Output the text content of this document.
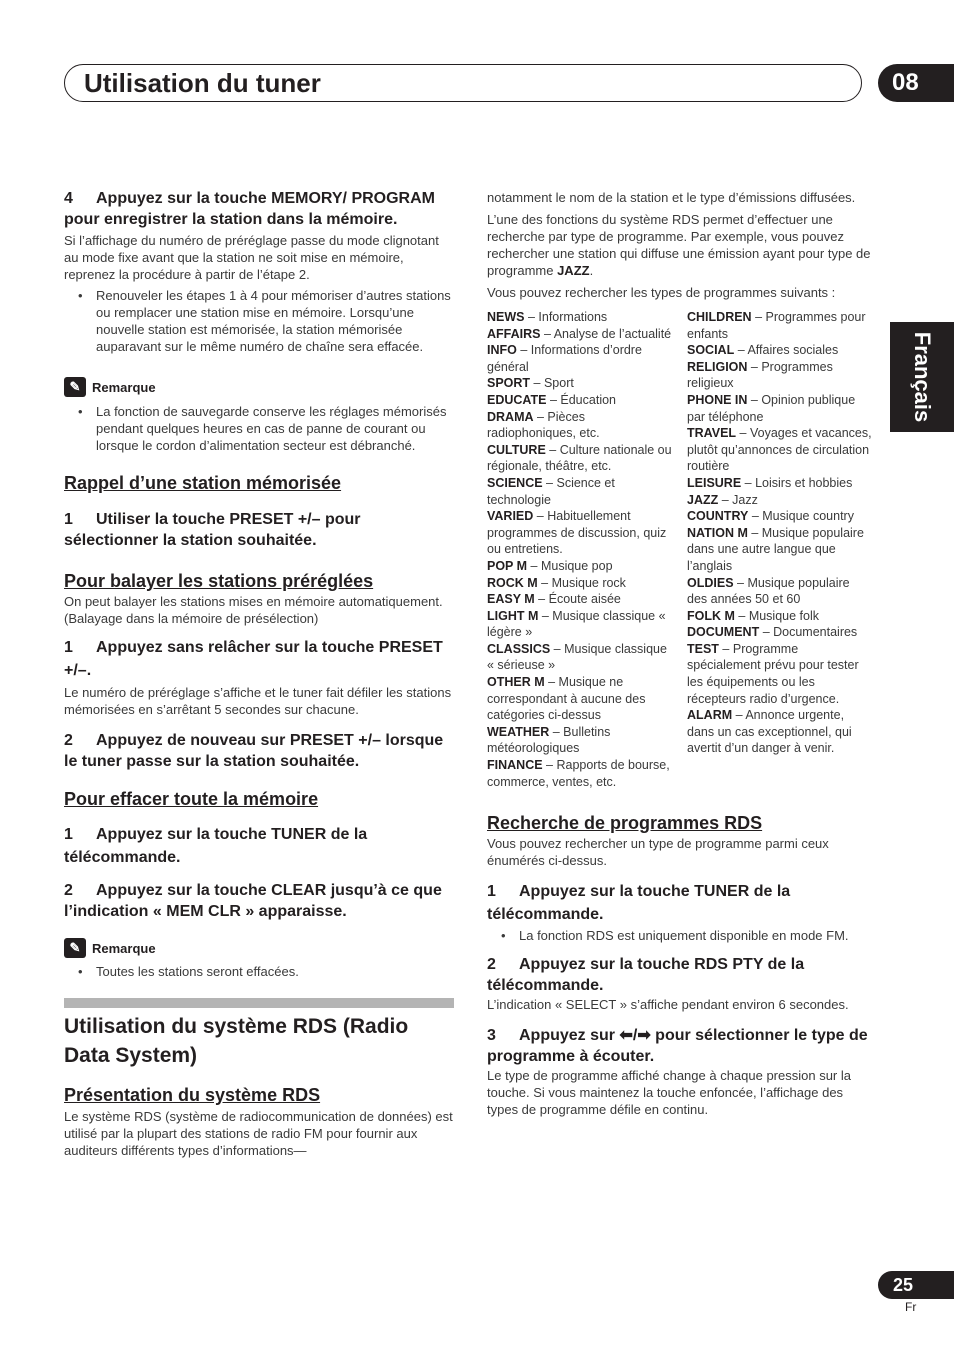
Utilisation du tuner	08
Français

4 Appuyez sur la touche MEMORY/ PROGRAM pour enregistrer la station dans la mémoire.

Si l’affichage du numéro de préréglage passe du mode clignotant au mode fixe avant que la station ne soit mise en mémoire, reprenez la procédure à partir de l’étape 2.

• Renouveler les étapes 1 à 4 pour mémoriser d’autres stations ou remplacer une station mise en mémoire. Lorsqu’une nouvelle station est mémorisée, la station mémorisée auparavant sur le même numéro de chaîne sera effacée.
✎ Remarque
• La fonction de sauvegarde conserve les réglages mémorisés pendant quelques heures en cas de panne de courant ou lorsque le cordon d’alimentation secteur est débranché.

Rappel d’une station mémorisée

1 Utiliser la touche PRESET +/– pour sélectionner la station souhaitée.

Pour balayer les stations préréglées

On peut balayer les stations mises en mémoire automatiquement. (Balayage dans la mémoire de présélection)

1 Appuyez sans relâcher sur la touche PRESET +/–.

Le numéro de préréglage s’affiche et le tuner fait défiler les stations mémorisées en s’arrêtant 5 secondes sur chacune.

2 Appuyez de nouveau sur PRESET +/– lorsque le tuner passe sur la station souhaitée.

Pour effacer toute la mémoire

1 Appuyez sur la touche TUNER de la télécommande.

2 Appuyez sur la touche CLEAR jusqu’à ce que l’indication « MEM CLR » apparaisse.

✎ Remarque
• Toutes les stations seront effacées.

Utilisation du système RDS (Radio Data System)

Présentation du système RDS

Le système RDS (système de radiocommunication de données) est utilisé par la plupart des stations de radio FM pour fournir aux auditeurs différents types d’informations—

notamment le nom de la station et le type d’émissions diffusées.

L’une des fonctions du système RDS permet d’effectuer une recherche par type de programme. Par exemple, vous pouvez rechercher une station qui diffuse une émission ayant pour type de programme JAZZ.

Vous pouvez rechercher les types de programmes suivants :

NEWS – Informations

AFFAIRS – Analyse de l’actualité

INFO – Informations d’ordre général

SPORT – Sport

EDUCATE – Éducation

DRAMA – Pièces radiophoniques, etc.

CULTURE – Culture nationale ou régionale, théâtre, etc.

SCIENCE – Science et technologie

VARIED – Habituellement programmes de discussion, quiz ou entretiens.

POP M – Musique pop

ROCK M – Musique rock

EASY M – Écoute aisée

LIGHT M – Musique classique « légère »

CLASSICS – Musique classique « sérieuse »

OTHER M – Musique ne correspondant à aucune des catégories ci-dessus

WEATHER – Bulletins météorologiques

FINANCE – Rapports de bourse, commerce, ventes, etc.

CHILDREN – Programmes pour enfants

SOCIAL – Affaires sociales

RELIGION – Programmes religieux

PHONE IN – Opinion publique par téléphone

TRAVEL – Voyages et vacances, plutôt qu’annonces de circulation routière

LEISURE – Loisirs et hobbies

JAZZ – Jazz

COUNTRY – Musique country

NATION M – Musique populaire dans une autre langue que l’anglais

OLDIES – Musique populaire des années 50 et 60

FOLK M – Musique folk

DOCUMENT – Documentaires

TEST – Programme spécialement prévu pour tester les équipements ou les récepteurs radio d’urgence.

ALARM – Annonce urgente, dans un cas exceptionnel, qui avertit d’un danger à venir.

Recherche de programmes RDS

Vous pouvez rechercher un type de programme parmi ceux énumérés ci-dessus.

1 Appuyez sur la touche TUNER de la télécommande.

• La fonction RDS est uniquement disponible en mode FM.

2 Appuyez sur la touche RDS PTY de la télécommande.

L’indication « SELECT » s’affiche pendant environ 6 secondes.

3 Appuyez sur ⬅/➡ pour sélectionner le type de programme à écouter.

Le type de programme affiché change à chaque pression sur la touche. Si vous maintenez la touche enfoncée, l’affichage des types de programme défile en continu.

25
Fr
